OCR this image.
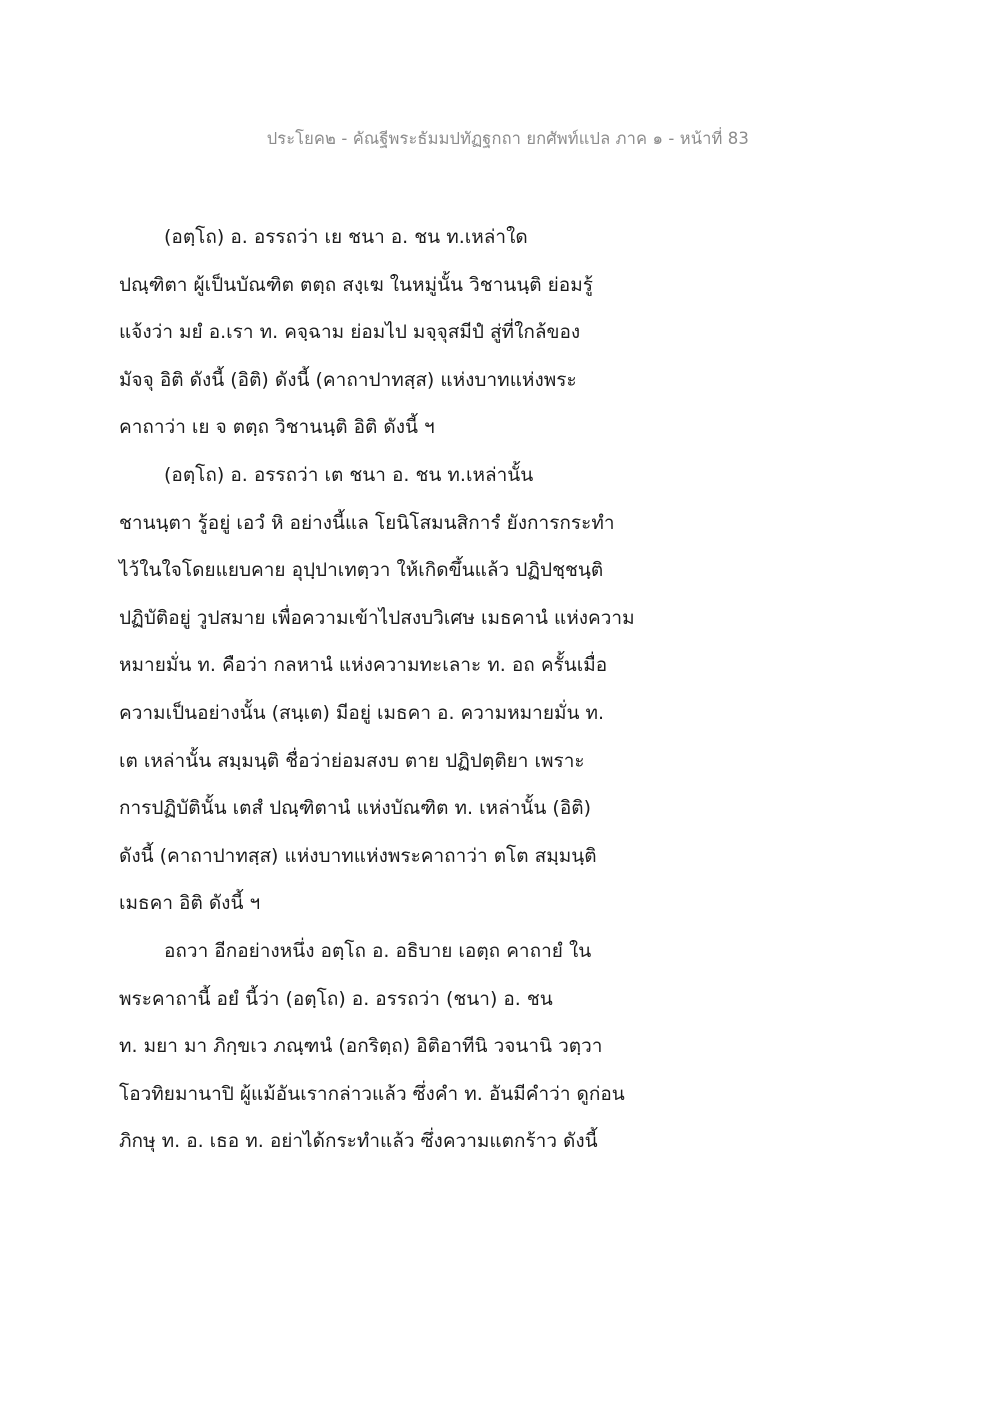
ประโยค๒ - คัณฐีพระธัมมปทัฏฐกถา ยกศัพท์แปล ภาค ๑ - หน้าที่ 83
(อตฺโถ) อ. อรรถว่า เย ชนา อ. ชน ท.เหล่าใด
ปณฺฑิตา ผู้เป็นบัณฑิต ตตฺถ สงฺเฆ ในหมู่นั้น วิชานนฺติ ย่อมรู้
แจ้งว่า มยํ อ.เรา ท. คจฺฉาม ย่อมไป มจฺจุสมีปํ สู่ที่ใกล้ของ
มัจจุ อิติ ดังนี้ (อิติ) ดังนี้ (คาถาปาทสฺส) แห่งบาทแห่งพระ
คาถาว่า เย จ ตตฺถ วิชานนฺติ อิติ ดังนี้ ฯ
(อตฺโถ) อ. อรรถว่า เต ชนา อ. ชน ท.เหล่านั้น
ชานนฺตา รู้อยู่ เอวํ หิ อย่างนี้แล โยนิโสมนสิการํ ยังการกระทำ
ไว้ในใจโดยแยบคาย อุปฺปาเทตฺวา ให้เกิดขึ้นแล้ว ปฏิปชฺชนฺติ
ปฏิบัติอยู่ วูปสมาย เพื่อความเข้าไปสงบวิเศษ เมธคานํ แห่งความ
หมายมั่น ท. คือว่า กลหานํ แห่งความทะเลาะ ท. อถ ครั้นเมื่อ
ความเป็นอย่างนั้น (สนฺเต) มีอยู่ เมธคา อ. ความหมายมั่น ท.
เต เหล่านั้น สมฺมนฺติ ชื่อว่าย่อมสงบ ตาย ปฏิปตฺติยา เพราะ
การปฏิบัตินั้น เตสํ ปณฺฑิตานํ แห่งบัณฑิต ท. เหล่านั้น (อิติ)
ดังนี้ (คาถาปาทสฺส) แห่งบาทแห่งพระคาถาว่า ตโต สมฺมนฺติ
เมธคา อิติ ดังนี้ ฯ
อถวา อีกอย่างหนึ่ง อตฺโถ อ. อธิบาย เอตฺถ คาถายํ ใน
พระคาถานี้ อยํ นี้ว่า (อตฺโถ) อ. อรรถว่า (ชนา) อ. ชน
ท. มยา มา ภิกฺขเว ภณฺฑนํ (อกริตฺถ) อิติอาทีนิ วจนานิ วตฺวา
โอวทิยมานาปิ ผู้แม้อันเรากล่าวแล้ว ซึ่งคำ ท. อันมีคำว่า ดูก่อน
ภิกษุ ท. อ. เธอ ท. อย่าได้กระทำแล้ว ซึ่งความแตกร้าว ดังนี้
